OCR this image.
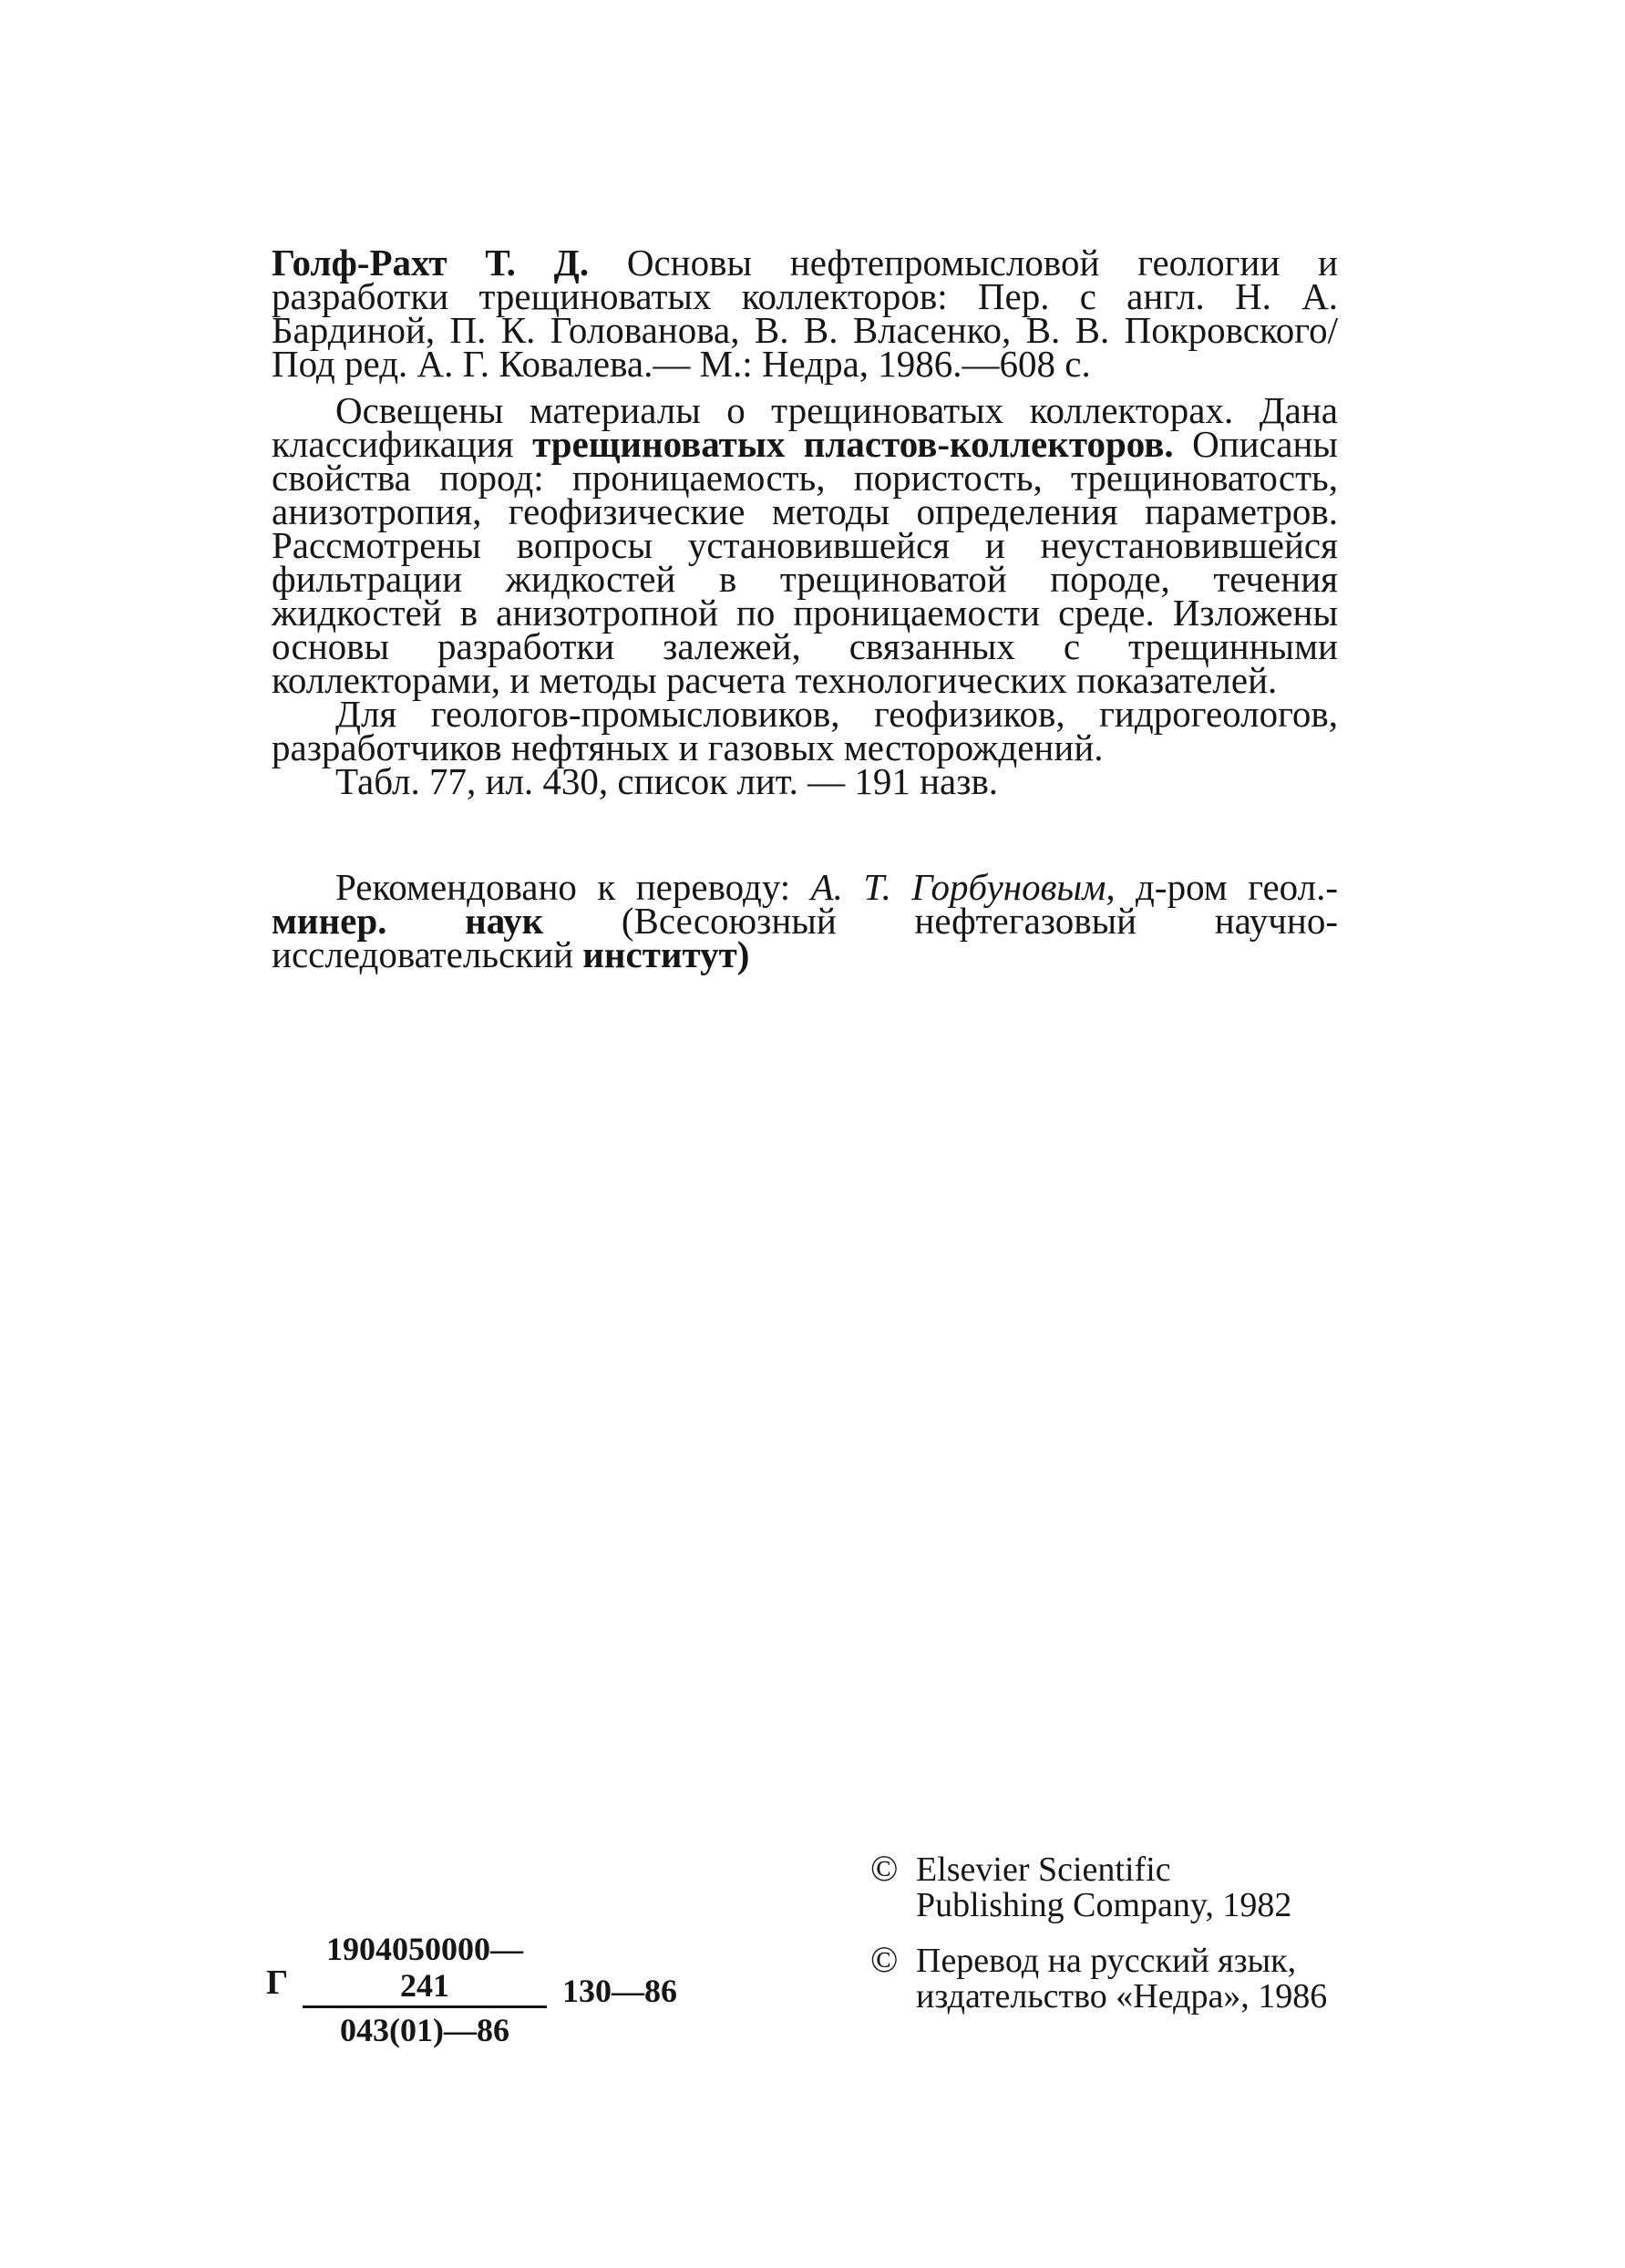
Голф-Рахт Т. Д. Основы нефтепромысловой геологии и разработки трещиноватых коллекторов: Пер. с англ. Н. А. Бардиной, П. К. Голованова, В. В. Власенко, В. В. Покровского/Под ред. А. Г. Ковалева.— М.: Недра, 1986.—608 с.

Освещены материалы о трещиноватых коллекторах. Дана классификация трещиноватых пластов-коллекторов. Описаны свойства пород: проницаемость, пористость, трещиноватость, анизотропия, геофизические методы определения параметров. Рассмотрены вопросы установившейся и неустановившейся фильтрации жидкостей в трещиноватой породе, течения жидкостей в анизотропной по проницаемости среде. Изложены основы разработки залежей, связанных с трещинными коллекторами, и методы расчета технологических показателей.

Для геологов-промысловиков, геофизиков, гидрогеологов, разработчиков нефтяных и газовых месторождений.

Табл. 77, ил. 430, список лит. — 191 назв.

Рекомендовано к переводу: А. Т. Горбуновым, д-ром геол.-минер. наук (Всесоюзный нефтегазовый научно-исследовательский институт)

Г
1904050000—241
043(01)—86
130—86
© Elsevier Scientific
Publishing Company, 1982
© Перевод на русский язык,
издательство «Недра», 1986
